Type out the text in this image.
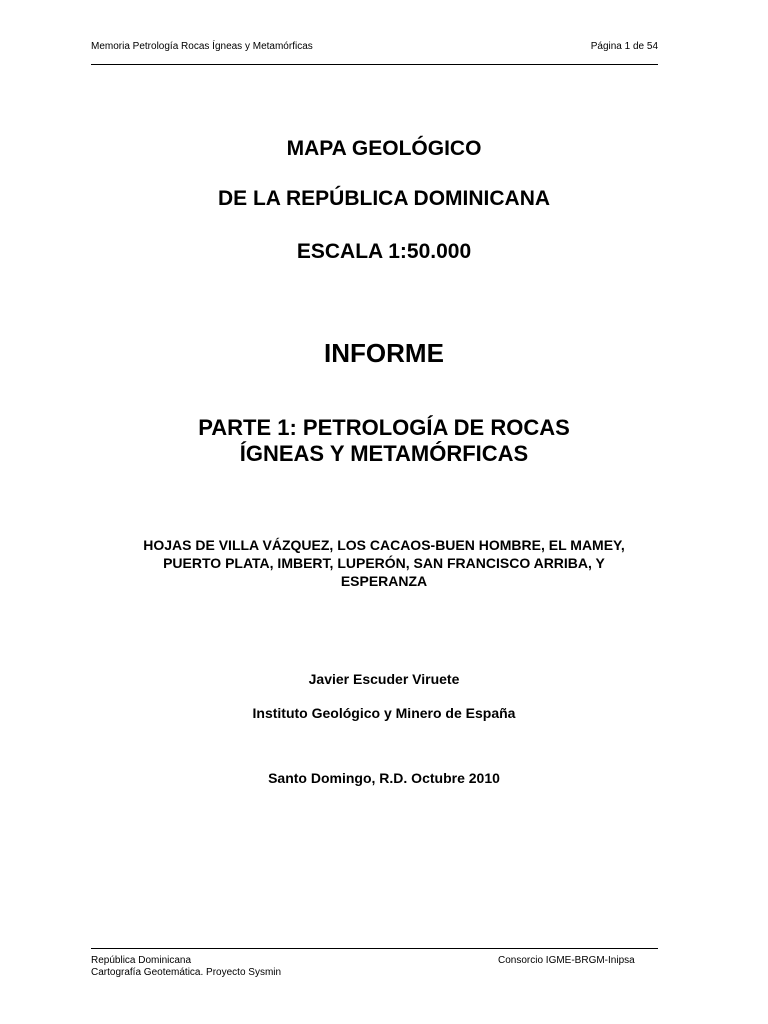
Memoria Petrología Rocas Ígneas y Metamórficas	Página 1 de 54
MAPA GEOLÓGICO
DE LA REPÚBLICA DOMINICANA
ESCALA 1:50.000
INFORME
PARTE 1: PETROLOGÍA DE ROCAS
ÍGNEAS Y METAMÓRFICAS
HOJAS DE VILLA VÁZQUEZ, LOS CACAOS-BUEN HOMBRE, EL MAMEY,
PUERTO PLATA, IMBERT, LUPERÓN, SAN FRANCISCO ARRIBA, Y
ESPERANZA
Javier Escuder Viruete
Instituto Geológico y Minero de España
Santo Domingo, R.D. Octubre 2010
República Dominicana
Cartografía Geotemática. Proyecto Sysmin
Consorcio IGME-BRGM-Inipsa
